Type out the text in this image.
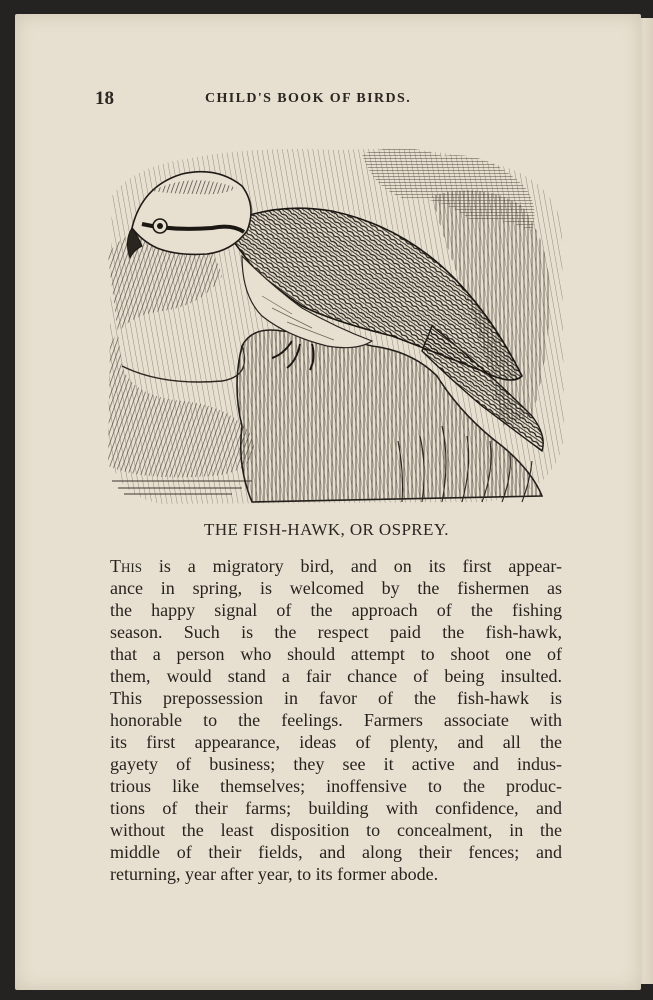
18	CHILD'S BOOK OF BIRDS.
THE FISH-HAWK, OR OSPREY.
This is a migratory bird, and on its first appear-
ance in spring, is welcomed by the fishermen as
the happy signal of the approach of the fishing
season. Such is the respect paid the fish-hawk,
that a person who should attempt to shoot one of
them, would stand a fair chance of being insulted.
This prepossession in favor of the fish-hawk is
honorable to the feelings. Farmers associate with
its first appearance, ideas of plenty, and all the
gayety of business; they see it active and indus-
trious like themselves; inoffensive to the produc-
tions of their farms; building with confidence, and
without the least disposition to concealment, in the
middle of their fields, and along their fences; and
returning, year after year, to its former abode.
